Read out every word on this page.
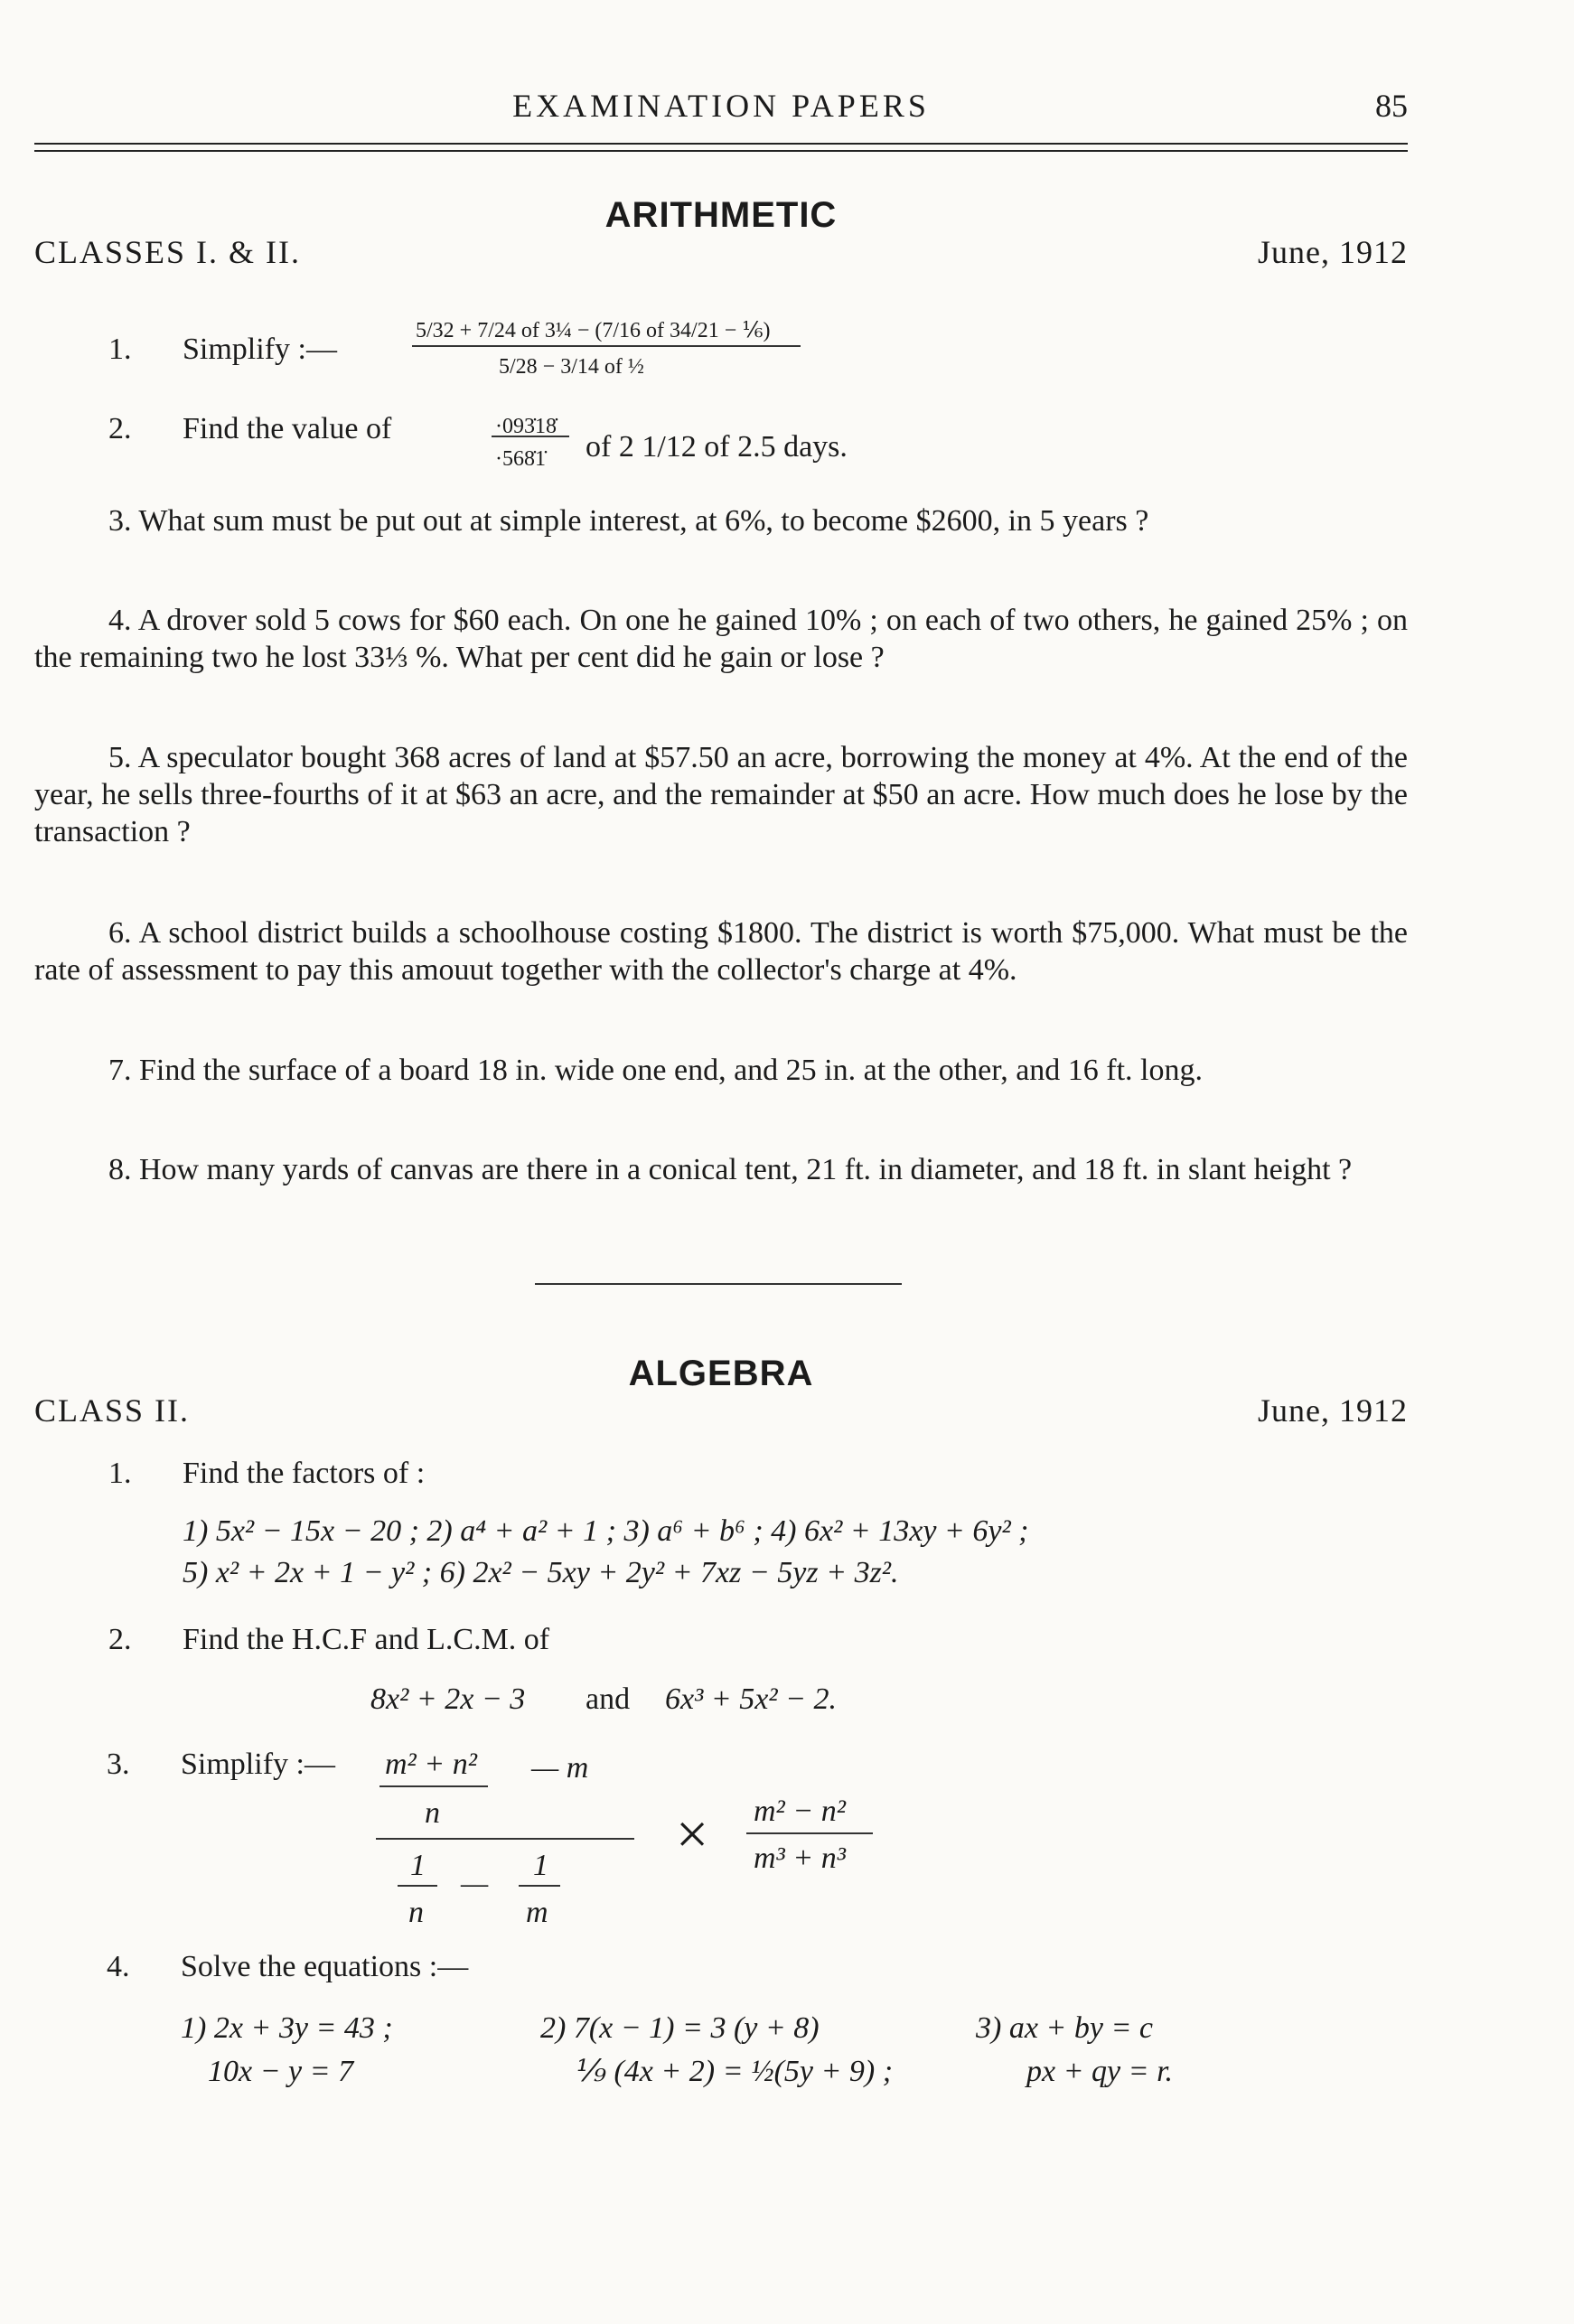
EXAMINATION PAPERS	85
ARITHMETIC
CLASSES I. & II.	June, 1912
1. Simplify :—
5/32 + 7/24 of 3¼ − (7/16 of 34/21 − ⅙)
5/28 − 3/14 of ½
2. Find the value of	·093̇18̇
·568̇1̇ of 2 1/12 of 2.5 days.
3. What sum must be put out at simple interest, at 6%, to become $2600, in 5 years ?
4. A drover sold 5 cows for $60 each. On one he gained 10% ; on each of two others, he gained 25% ; on the remaining two he lost 33⅓ %. What per cent did he gain or lose ?
5. A speculator bought 368 acres of land at $57.50 an acre, borrowing the money at 4%. At the end of the year, he sells three-fourths of it at $63 an acre, and the remainder at $50 an acre. How much does he lose by the transaction ?
6. A school district builds a schoolhouse costing $1800. The district is worth $75,000. What must be the rate of assessment to pay this amouut together with the collector's charge at 4%.
7. Find the surface of a board 18 in. wide one end, and 25 in. at the other, and 16 ft. long.
8. How many yards of canvas are there in a conical tent, 21 ft. in diameter, and 18 ft. in slant height ?
ALGEBRA
CLASS II.	June, 1912
1. Find the factors of :
1) 5x² − 15x − 20 ; 2) a⁴ + a² + 1 ; 3) a⁶ + b⁶ ; 4) 6x² + 13xy + 6y² ;
5) x² + 2x + 1 − y² ; 6) 2x² − 5xy + 2y² + 7xz − 5yz + 3z².
2. Find the H.C.F and L.C.M. of
8x² + 2x − 3 and 6x³ + 5x² − 2.
3. Simplify :— m² + n² — m
n
1
—
1
n	m
× m² − n²
m³ + n³
4. Solve the equations :—
1) 2x + 3y = 43 ;
10x − y = 7
2) 7(x − 1) = 3 (y + 8)
⅑ (4x + 2) = ½(5y + 9) ;
3) ax + by = c
px + qy = r.
